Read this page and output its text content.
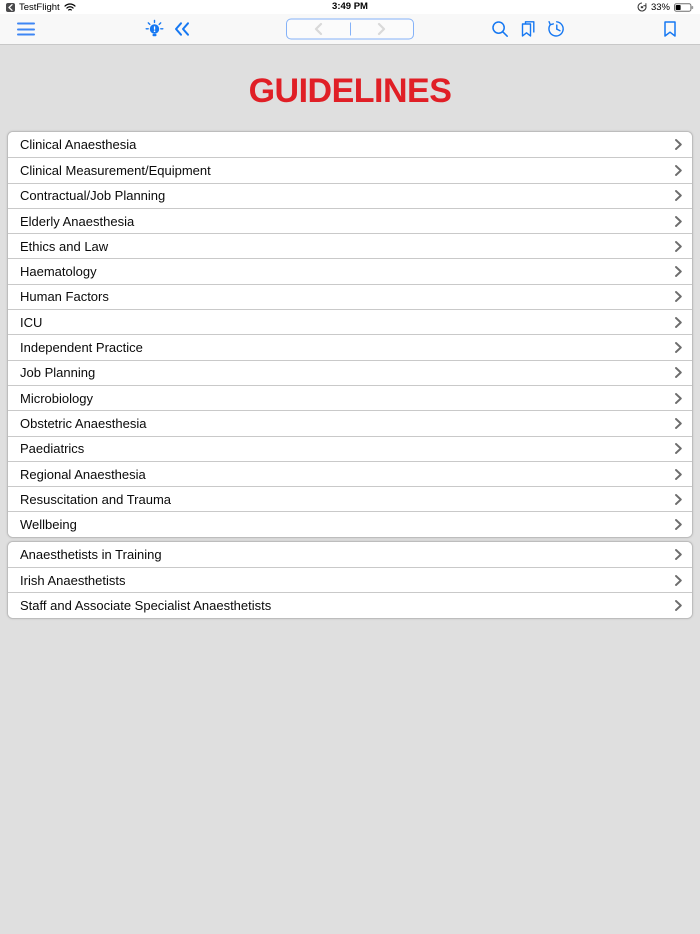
TestFlight	3:49 PM	33%
GUIDELINES
Clinical Anaesthesia
Clinical Measurement/Equipment
Contractual/Job Planning
Elderly Anaesthesia
Ethics and Law
Haematology
Human Factors
ICU
Independent Practice
Job Planning
Microbiology
Obstetric Anaesthesia
Paediatrics
Regional Anaesthesia
Resuscitation and Trauma
Wellbeing
Anaesthetists in Training
Irish Anaesthetists
Staff and Associate Specialist Anaesthetists
